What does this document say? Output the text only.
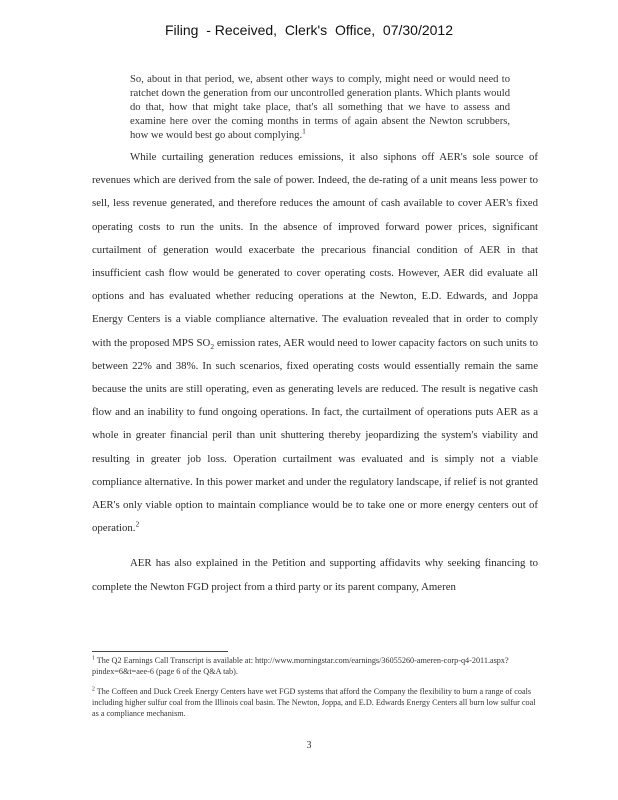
Filing  - Received,  Clerk's  Office,  07/30/2012
So, about in that period, we, absent other ways to comply, might need or would need to ratchet down the generation from our uncontrolled generation plants. Which plants would do that, how that might take place, that's all something that we have to assess and examine here over the coming months in terms of again absent the Newton scrubbers, how we would best go about complying.$^1$

While curtailing generation reduces emissions, it also siphons off AER's sole source of revenues which are derived from the sale of power. Indeed, the de-rating of a unit means less power to sell, less revenue generated, and therefore reduces the amount of cash available to cover AER's fixed operating costs to run the units. In the absence of improved forward power prices, significant curtailment of generation would exacerbate the precarious financial condition of AER in that insufficient cash flow would be generated to cover operating costs. However, AER did evaluate all options and has evaluated whether reducing operations at the Newton, E.D. Edwards, and Joppa Energy Centers is a viable compliance alternative. The evaluation revealed that in order to comply with the proposed MPS $SO_2$ emission rates, AER would need to lower capacity factors on such units to between 22% and 38%. In such scenarios, fixed operating costs would essentially remain the same because the units are still operating, even as generating levels are reduced. The result is negative cash flow and an inability to fund ongoing operations. In fact, the curtailment of operations puts AER as a whole in greater financial peril than unit shuttering thereby jeopardizing the system's viability and resulting in greater job loss. Operation curtailment was evaluated and is simply not a viable compliance alternative. In this power market and under the regulatory landscape, if relief is not granted AER's only viable option to maintain compliance would be to take one or more energy centers out of operation.$^2$

AER has also explained in the Petition and supporting affidavits why seeking financing to complete the Newton FGD project from a third party or its parent company, Ameren

$^1$ The Q2 Earnings Call Transcript is available at: http://www.morningstar.com/earnings/36055260-ameren-corp-q4-2011.aspx?pindex=6&t=aee-6 (page 6 of the Q&A tab).
$^2$ The Coffeen and Duck Creek Energy Centers have wet FGD systems that afford the Company the flexibility to burn a range of coals including higher sulfur coal from the Illinois coal basin. The Newton, Joppa, and E.D. Edwards Energy Centers all burn low sulfur coal as a compliance mechanism.
3
